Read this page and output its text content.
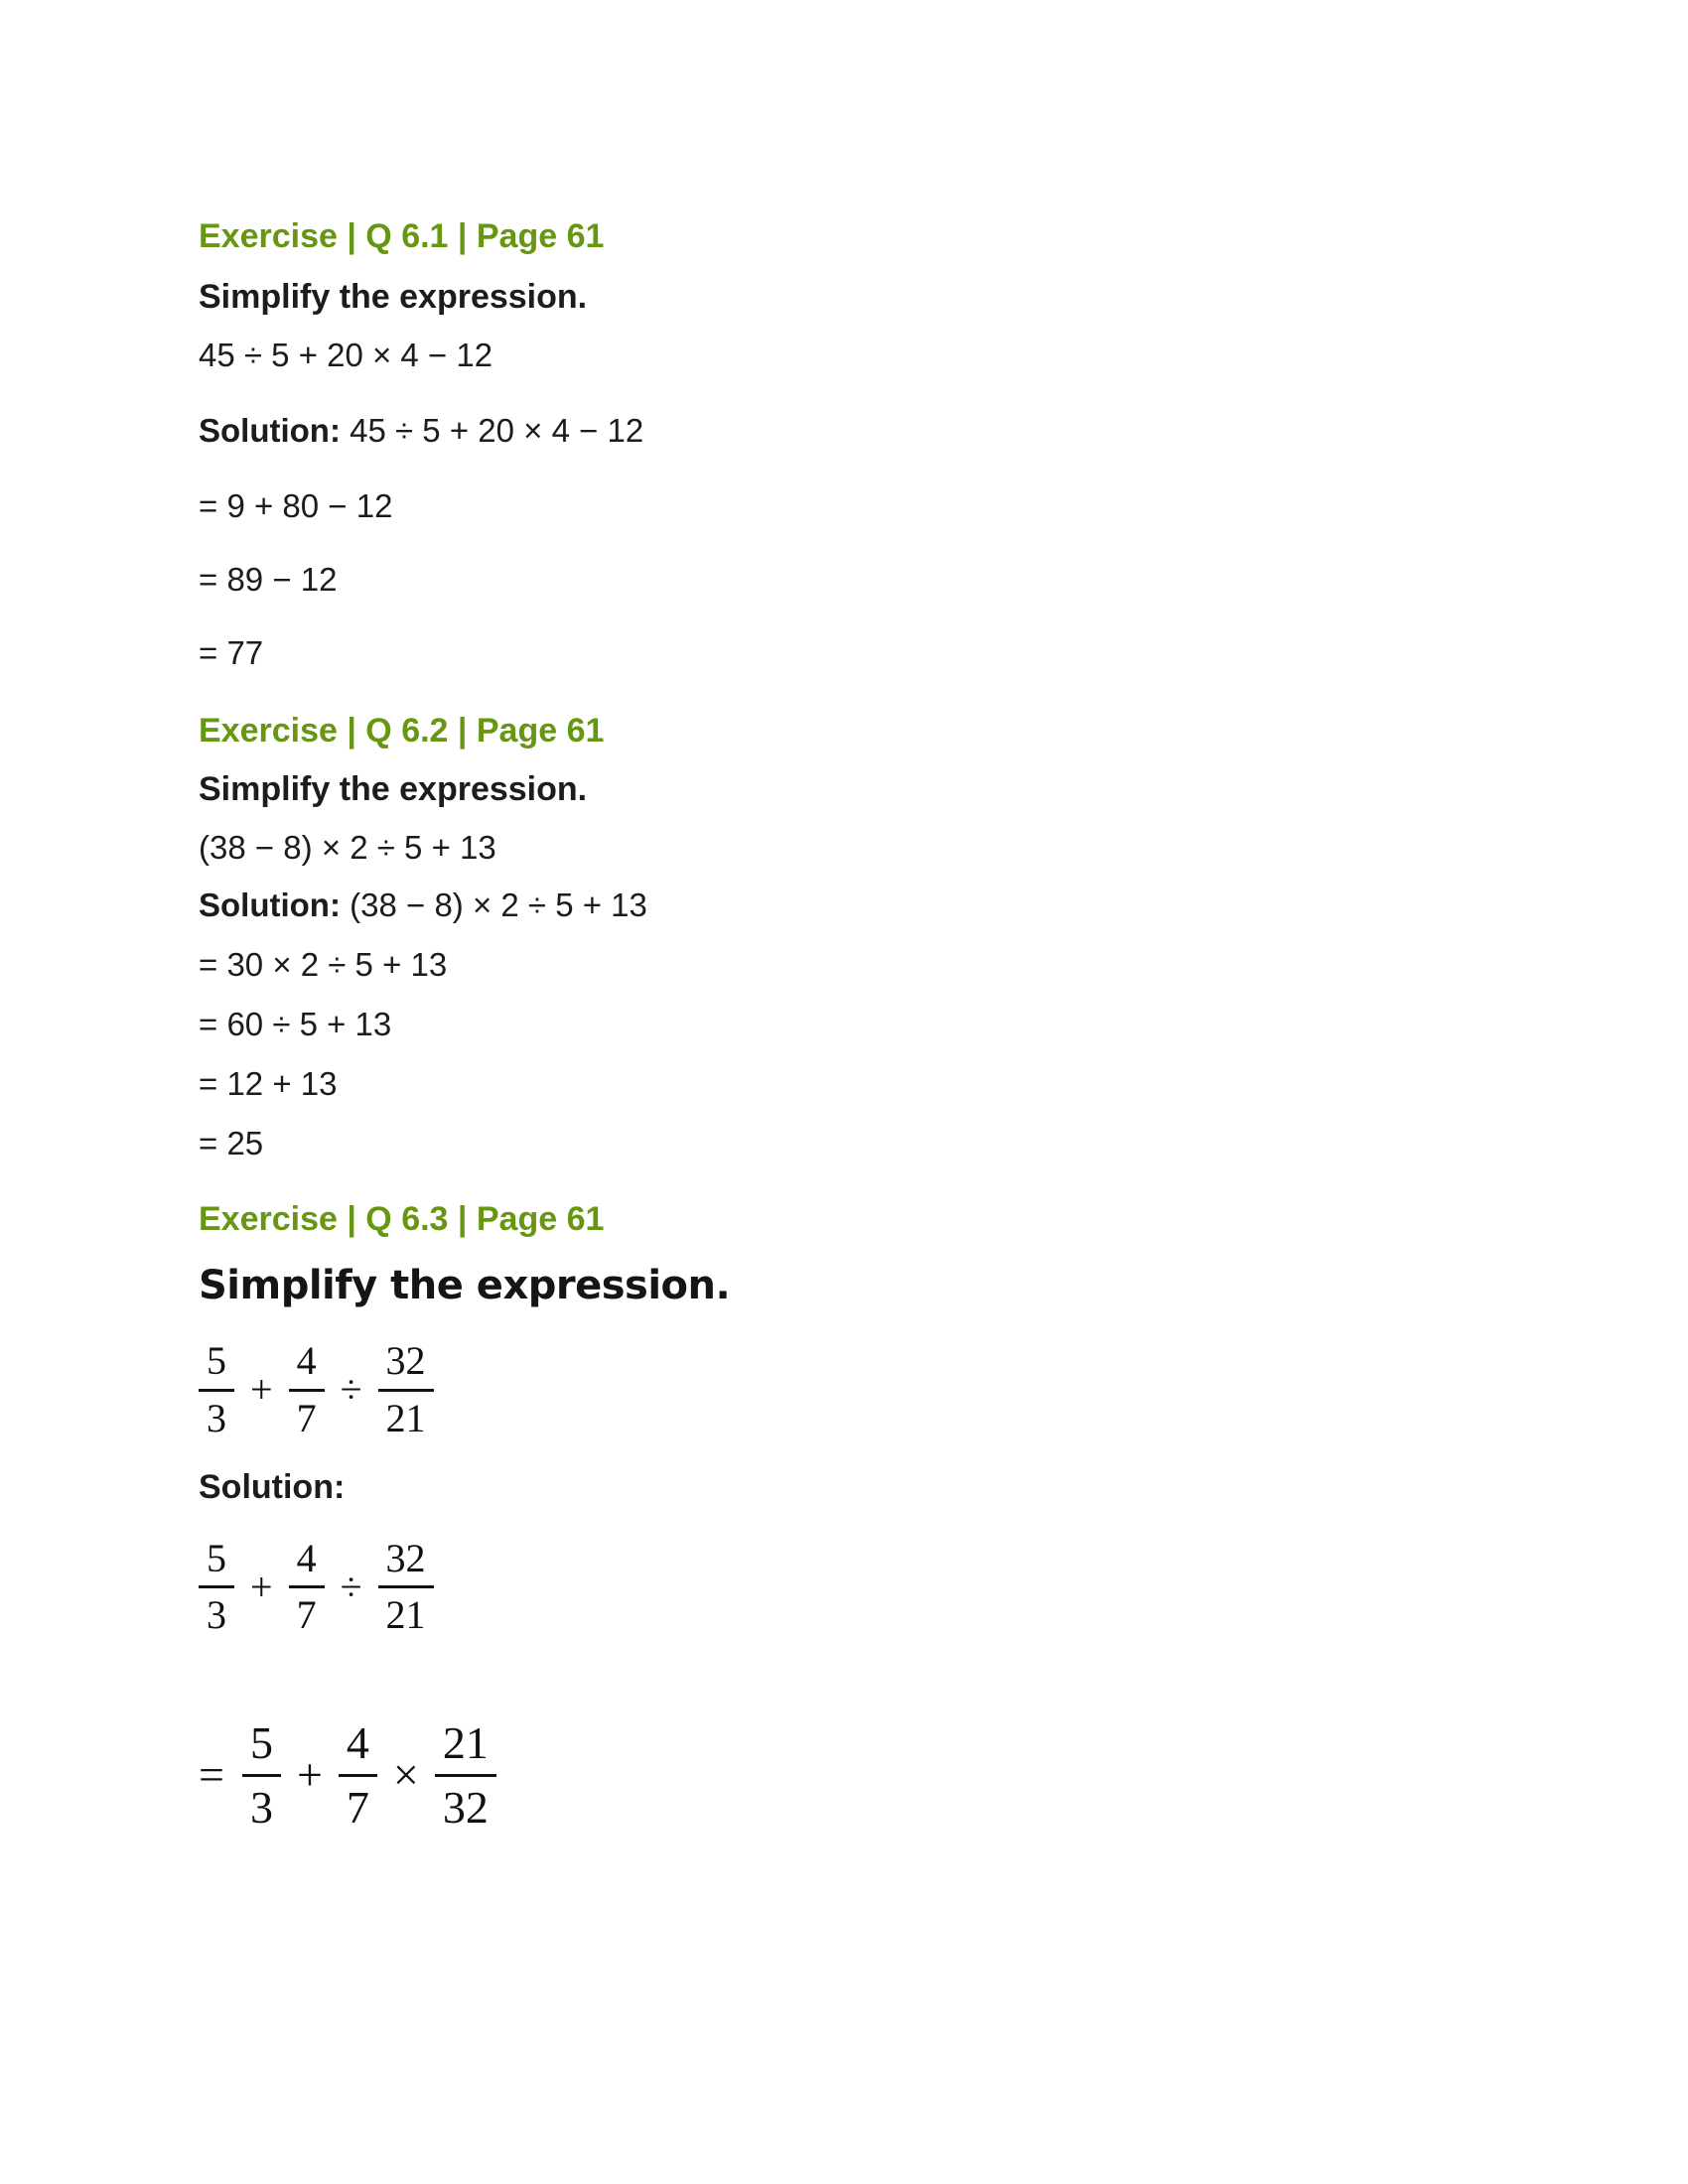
Exercise | Q 6.1 | Page 61

Simplify the expression.

45 ÷ 5 + 20 × 4 − 12

Solution: 45 ÷ 5 + 20 × 4 − 12

= 9 + 80 − 12

= 89 − 12

= 77

Exercise | Q 6.2 | Page 61

Simplify the expression.

(38 − 8) × 2 ÷ 5 + 13

Solution: (38 − 8) × 2 ÷ 5 + 13

= 30 × 2 ÷ 5 + 13

= 60 ÷ 5 + 13

= 12 + 13

= 25

Exercise | Q 6.3 | Page 61

Simplify the expression.

$\frac{5}{3} + \frac{4}{7} \div \frac{32}{21}$

Solution:

$\frac{5}{3} + \frac{4}{7} \div \frac{32}{21}$
= $\frac{5}{3} + \frac{4}{7} \times \frac{21}{32}$
